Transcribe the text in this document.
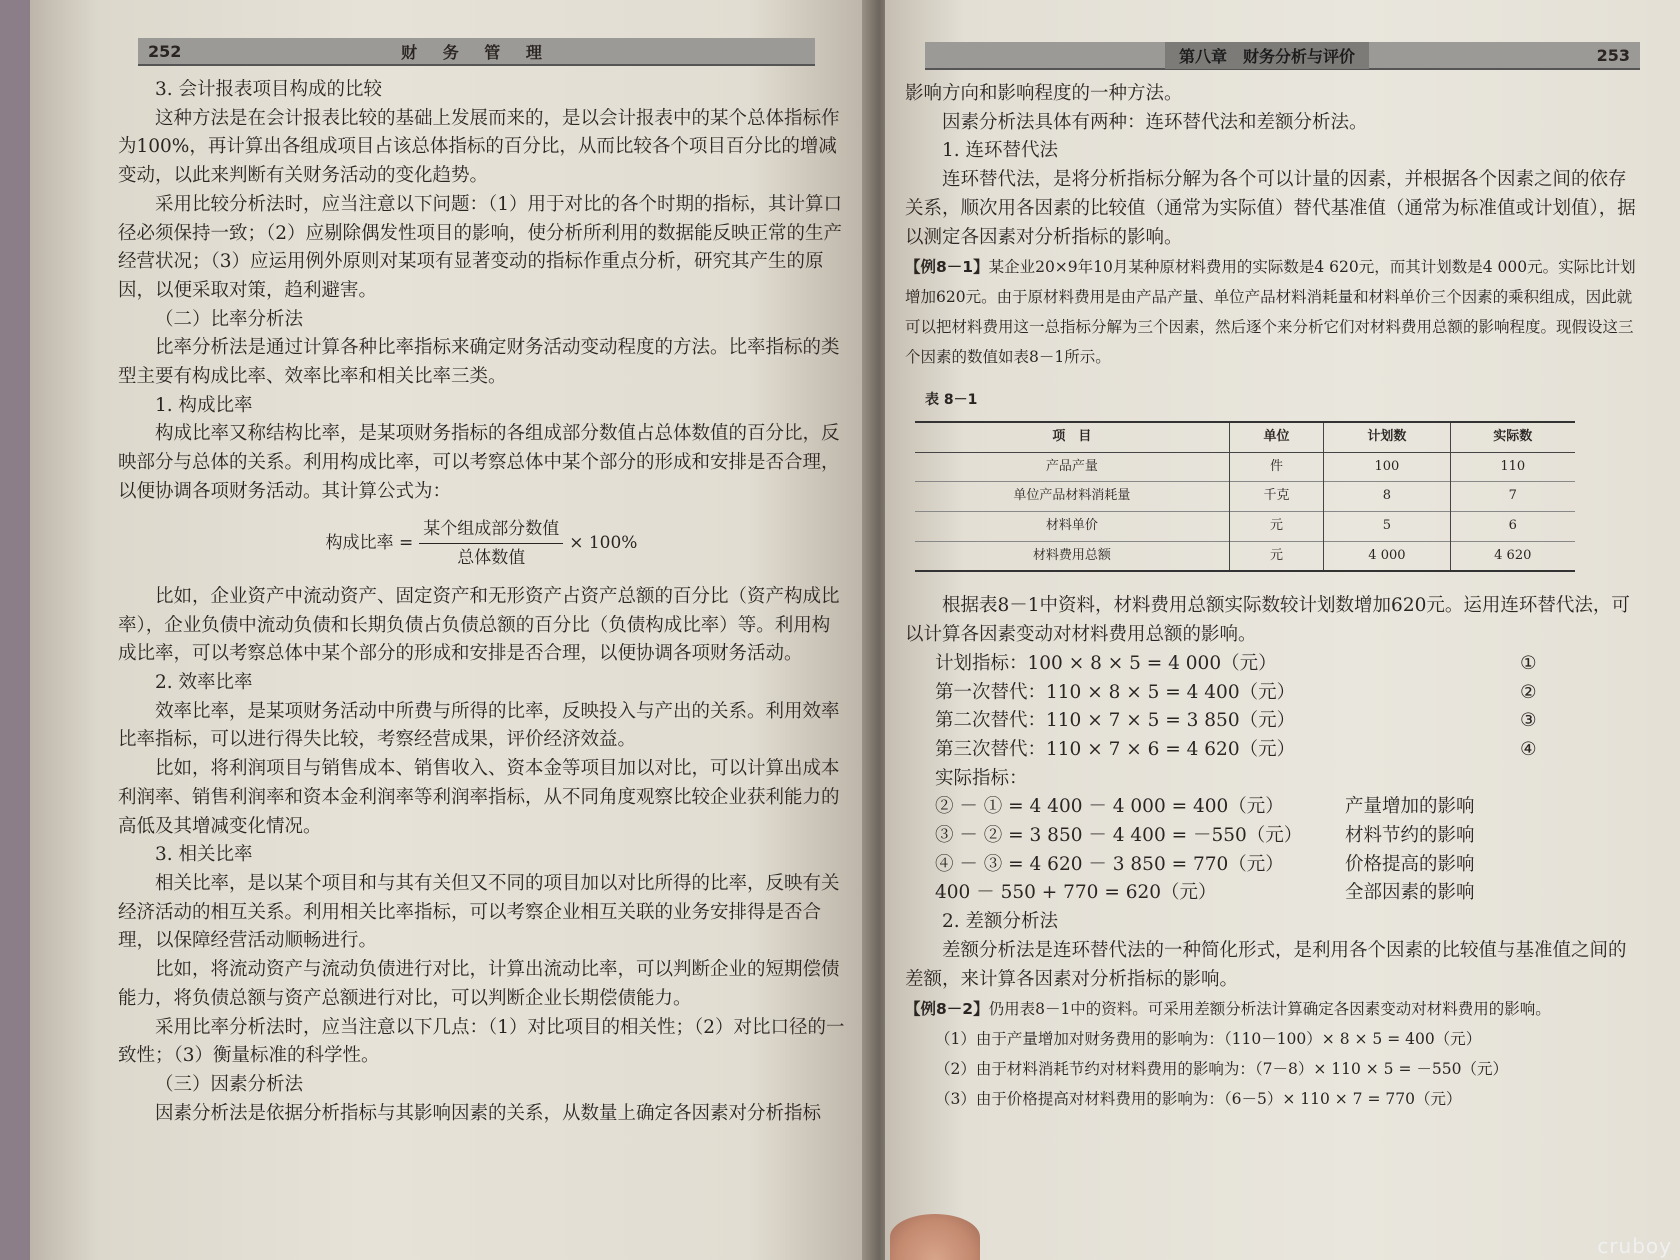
252	财 务 管 理

3. 会计报表项目构成的比较

这种方法是在会计报表比较的基础上发展而来的，是以会计报表中的某个总体指标作为100%，再计算出各组成项目占该总体指标的百分比，从而比较各个项目百分比的增减变动，以此来判断有关财务活动的变化趋势。

采用比较分析法时，应当注意以下问题：（1）用于对比的各个时期的指标，其计算口径必须保持一致；（2）应剔除偶发性项目的影响，使分析所利用的数据能反映正常的生产经营状况；（3）应运用例外原则对某项有显著变动的指标作重点分析，研究其产生的原因，以便采取对策，趋利避害。

（二）比率分析法

比率分析法是通过计算各种比率指标来确定财务活动变动程度的方法。比率指标的类型主要有构成比率、效率比率和相关比率三类。

1. 构成比率

构成比率又称结构比率，是某项财务指标的各组成部分数值占总体数值的百分比，反映部分与总体的关系。利用构成比率，可以考察总体中某个部分的形成和安排是否合理，以便协调各项财务活动。其计算公式为：

构成比率 = $\frac{\text{某个组成部分数值}}{\text{总体数值}} \times 100\%$

比如，企业资产中流动资产、固定资产和无形资产占资产总额的百分比（资产构成比率），企业负债中流动负债和长期负债占负债总额的百分比（负债构成比率）等。利用构成比率，可以考察总体中某个部分的形成和安排是否合理，以便协调各项财务活动。

2. 效率比率

效率比率，是某项财务活动中所费与所得的比率，反映投入与产出的关系。利用效率比率指标，可以进行得失比较，考察经营成果，评价经济效益。

比如，将利润项目与销售成本、销售收入、资本金等项目加以对比，可以计算出成本利润率、销售利润率和资本金利润率等利润率指标，从不同角度观察比较企业获利能力的高低及其增减变化情况。

3. 相关比率

相关比率，是以某个项目和与其有关但又不同的项目加以对比所得的比率，反映有关经济活动的相互关系。利用相关比率指标，可以考察企业相互关联的业务安排得是否合理，以保障经营活动顺畅进行。

比如，将流动资产与流动负债进行对比，计算出流动比率，可以判断企业的短期偿债能力，将负债总额与资产总额进行对比，可以判断企业长期偿债能力。

采用比率分析法时，应当注意以下几点：（1）对比项目的相关性；（2）对比口径的一致性；（3）衡量标准的科学性。

（三）因素分析法

因素分析法是依据分析指标与其影响因素的关系，从数量上确定各因素对分析指标

第八章　财务分析与评价	253

影响方向和影响程度的一种方法。

因素分析法具体有两种：连环替代法和差额分析法。

1. 连环替代法

连环替代法，是将分析指标分解为各个可以计量的因素，并根据各个因素之间的依存关系，顺次用各因素的比较值（通常为实际值）替代基准值（通常为标准值或计划值），据以测定各因素对分析指标的影响。

【例8－1】某企业20×9年10月某种原材料费用的实际数是4 620元，而其计划数是4 000元。实际比计划增加620元。由于原材料费用是由产品产量、单位产品材料消耗量和材料单价三个因素的乘积组成，因此就可以把材料费用这一总指标分解为三个因素，然后逐个来分析它们对材料费用总额的影响程度。现假设这三个因素的数值如表8－1所示。

表 8－1

项　目	单位	计划数	实际数
产品产量	件	100	110
单位产品材料消耗量	千克	8	7
材料单价	元	5	6
材料费用总额	元	4 000	4 620

根据表8－1中资料，材料费用总额实际数较计划数增加620元。运用连环替代法，可以计算各因素变动对材料费用总额的影响。

计划指标：100 × 8 × 5 = 4 000（元）	①
第一次替代：110 × 8 × 5 = 4 400（元）	②
第二次替代：110 × 7 × 5 = 3 850（元）	③
第三次替代：110 × 7 × 6 = 4 620（元）	④

实际指标：

② － ① = 4 400 － 4 000 = 400（元）	产量增加的影响
③ － ② = 3 850 － 4 400 = －550（元）	材料节约的影响
④ － ③ = 4 620 － 3 850 = 770（元）	价格提高的影响
400 － 550 + 770 = 620（元）	全部因素的影响

2. 差额分析法

差额分析法是连环替代法的一种简化形式，是利用各个因素的比较值与基准值之间的差额，来计算各因素对分析指标的影响。

【例8－2】仍用表8－1中的资料。可采用差额分析法计算确定各因素变动对材料费用的影响。

（1）由于产量增加对财务费用的影响为：（110－100）× 8 × 5 = 400（元）

（2）由于材料消耗节约对材料费用的影响为：（7－8）× 110 × 5 = －550（元）

（3）由于价格提高对材料费用的影响为：（6－5）× 110 × 7 = 770（元）

cruboy
